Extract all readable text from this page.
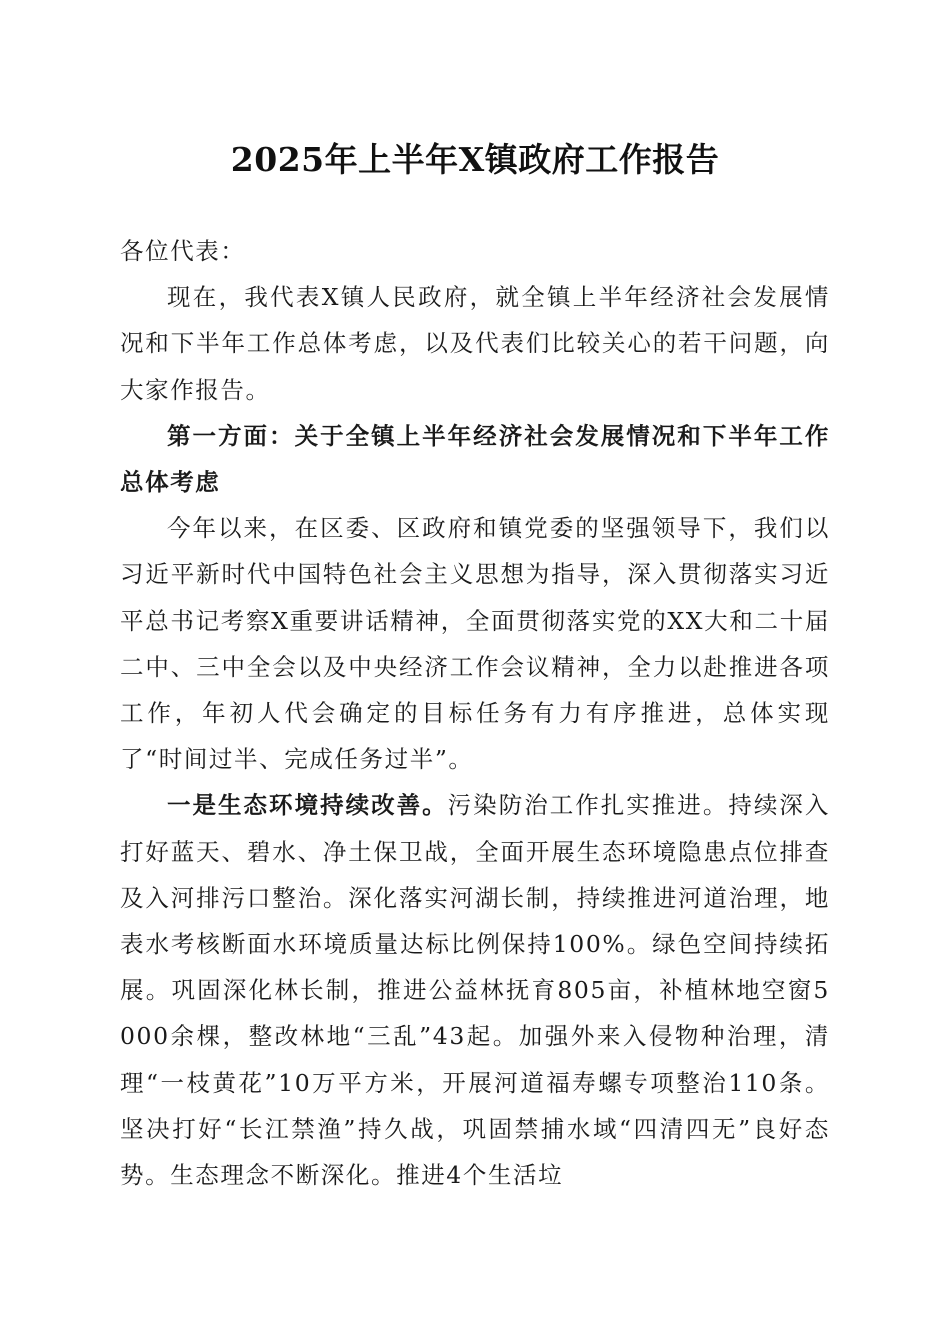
2025年上半年X镇政府工作报告

各位代表：

现在，我代表X镇人民政府，就全镇上半年经济社会发展情况和下半年工作总体考虑，以及代表们比较关心的若干问题，向大家作报告。

第一方面：关于全镇上半年经济社会发展情况和下半年工作总体考虑

今年以来，在区委、区政府和镇党委的坚强领导下，我们以习近平新时代中国特色社会主义思想为指导，深入贯彻落实习近平总书记考察X重要讲话精神，全面贯彻落实党的XX大和二十届二中、三中全会以及中央经济工作会议精神，全力以赴推进各项工作，年初人代会确定的目标任务有力有序推进，总体实现了“时间过半、完成任务过半”。

一是生态环境持续改善。污染防治工作扎实推进。持续深入打好蓝天、碧水、净土保卫战，全面开展生态环境隐患点位排查及入河排污口整治。深化落实河湖长制，持续推进河道治理，地表水考核断面水环境质量达标比例保持100%。绿色空间持续拓展。巩固深化林长制，推进公益林抚育805亩，补植林地空窗5000余棵，整改林地“三乱”43起。加强外来入侵物种治理，清理“一枝黄花”10万平方米，开展河道福寿螺专项整治110条。坚决打好“长江禁渔”持久战，巩固禁捕水域“四清四无”良好态势。生态理念不断深化。推进4个生活垃
